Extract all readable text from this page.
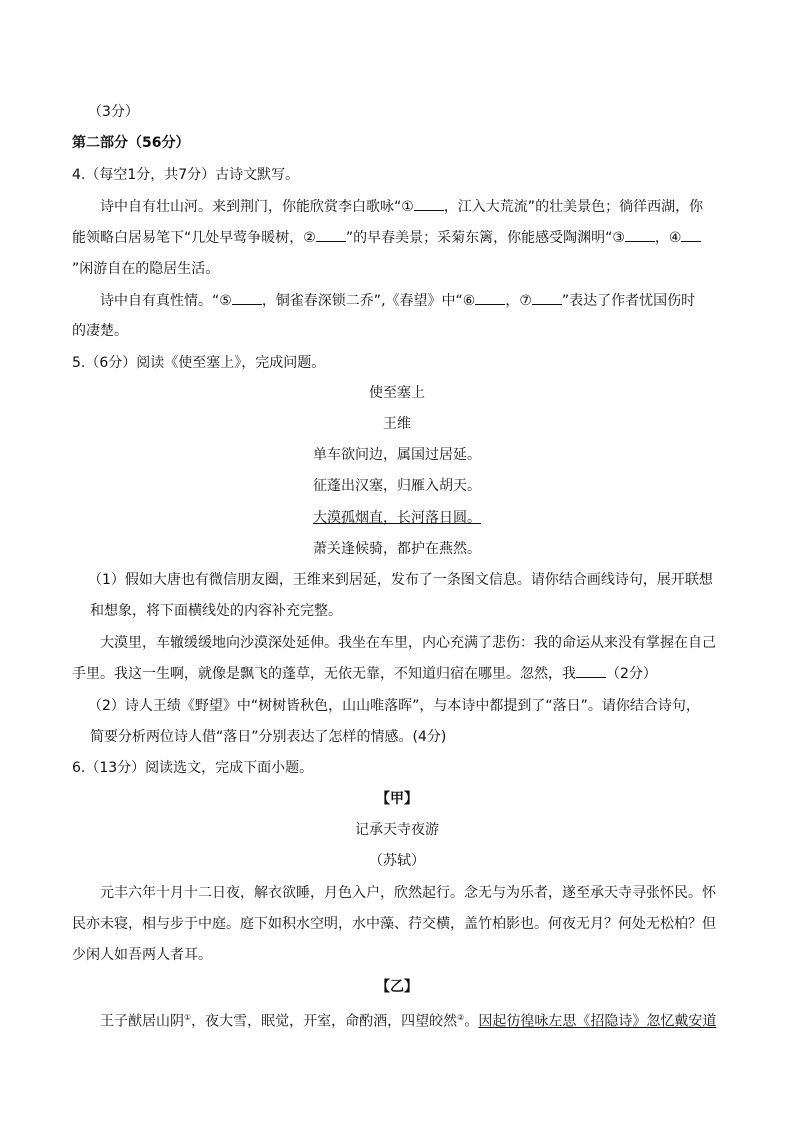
（3分）
第二部分（56分）
4.（每空1分，共7分）古诗文默写。
诗中自有壮山河。来到荆门，你能欣赏李白歌咏“① ，江入大荒流”的壮美景色；徜徉西湖，你
能领略白居易笔下“几处早莺争暖树，② ”的早春美景；采菊东篱，你能感受陶渊明“③ ，④
”闲游自在的隐居生活。
诗中自有真性情。“⑤ ，铜雀春深锁二乔”,《春望》中“⑥ ，⑦ ”表达了作者忧国伤时
的凄楚。
5.（6分）阅读《使至塞上》，完成问题。
使至塞上
王维
单车欲问边，属国过居延。
征蓬出汉塞，归雁入胡天。
大漠孤烟直，长河落日圆。
萧关逢候骑，都护在燕然。
（1）假如大唐也有微信朋友圈，王维来到居延，发布了一条图文信息。请你结合画线诗句，展开联想
和想象，将下面横线处的内容补充完整。
大漠里，车辙缓缓地向沙漠深处延伸。我坐在车里，内心充满了悲伤：我的命运从来没有掌握在自己
手里。我这一生啊，就像是飘飞的蓬草，无依无靠，不知道归宿在哪里。忽然，我 （2分）
（2）诗人王绩《野望》中“树树皆秋色，山山唯落晖”，与本诗中都提到了“落日”。请你结合诗句，
简要分析两位诗人借“落日”分别表达了怎样的情感。(4分)
6.（13分）阅读选文，完成下面小题。
【甲】
记承天寺夜游
（苏轼）
元丰六年十月十二日夜，解衣欲睡，月色入户，欣然起行。念无与为乐者，遂至承天寺寻张怀民。怀
民亦未寝，相与步于中庭。庭下如积水空明，水中藻、荇交横，盖竹柏影也。何夜无月？何处无松柏？但
少闲人如吾两人者耳。
【乙】
王子猷居山阴①，夜大雪，眠觉，开室，命酌酒，四望皎然②。因起彷徨咏左思《招隐诗》忽忆戴安道
